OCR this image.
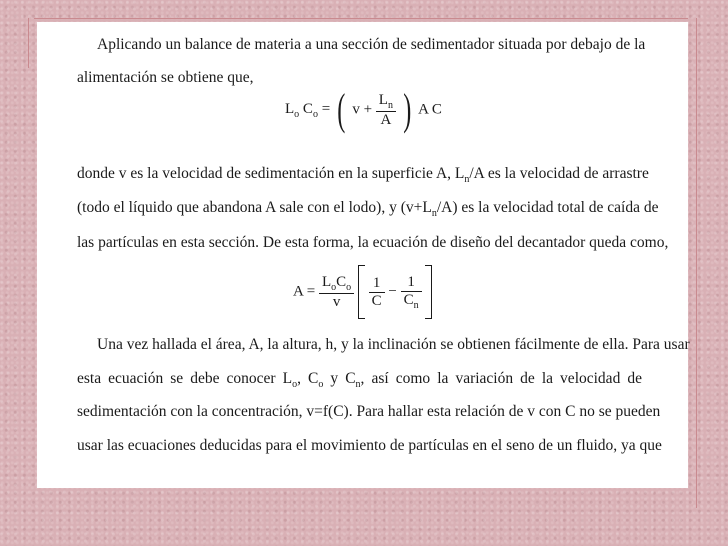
Aplicando un balance de materia a una sección de sedimentador situada por debajo de la
alimentación se obtiene que,
$L_o$ $C_o$ = ( $v + \frac{L_n}{A}$ ) A C
donde v es la velocidad de sedimentación en la superficie A, $L_n/A$ es la velocidad de arrastre
(todo el líquido que abandona A sale con el lodo), y $(v+L_n/A)$ es la velocidad total de caída de
las partículas en esta sección. De esta forma, la ecuación de diseño del decantador queda como,
$A = \frac{L_oC_o}{v}$
$\frac{1}{C} - \frac{1}{C_n}$

Una vez hallada el área, A, la altura, h, y la inclinación se obtienen fácilmente de ella. Para usar
esta ecuación se debe conocer $L_o$, $C_o$ y $C_n$, así como la variación de la velocidad de
sedimentación con la concentración, v=f(C). Para hallar esta relación de v con C no se pueden
usar las ecuaciones deducidas para el movimiento de partículas en el seno de un fluido, ya que
